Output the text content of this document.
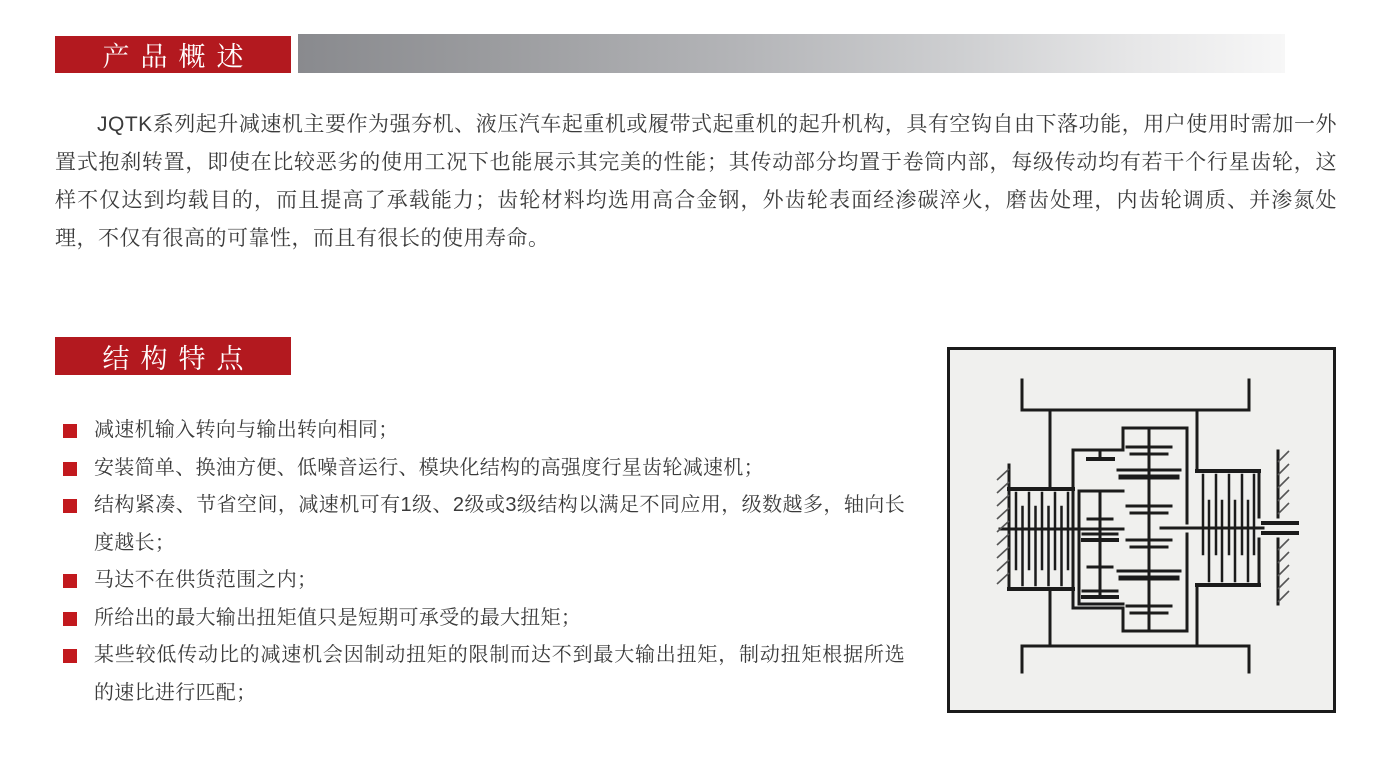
产品概述

JQTK系列起升减速机主要作为强夯机、液压汽车起重机或履带式起重机的起升机构，具有空钩自由下落功能，用户使用时需加一外置式抱刹转置，即使在比较恶劣的使用工况下也能展示其完美的性能；其传动部分均置于卷筒内部，每级传动均有若干个行星齿轮，这样不仅达到均载目的，而且提高了承载能力；齿轮材料均选用高合金钢，外齿轮表面经渗碳淬火，磨齿处理，内齿轮调质、并渗氮处理，不仅有很高的可靠性，而且有很长的使用寿命。

结构特点
减速机输入转向与输出转向相同；
安装简单、换油方便、低噪音运行、模块化结构的高强度行星齿轮减速机；
结构紧凑、节省空间，减速机可有1级、2级或3级结构以满足不同应用，级数越多，轴向长度越长；
马达不在供货范围之内；
所给出的最大输出扭矩值只是短期可承受的最大扭矩；
某些较低传动比的减速机会因制动扭矩的限制而达不到最大输出扭矩，制动扭矩根据所选的速比进行匹配；
